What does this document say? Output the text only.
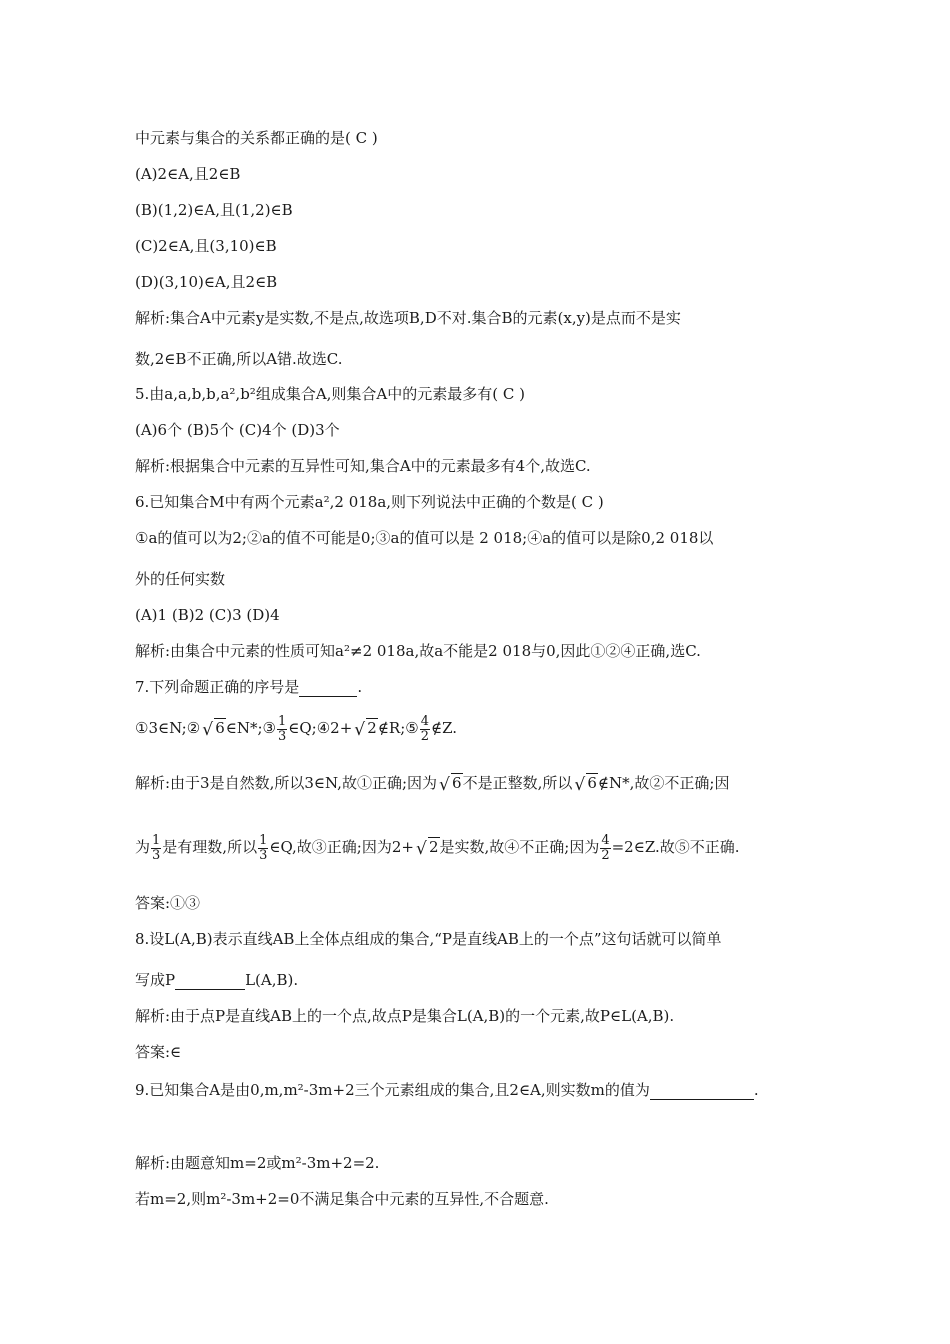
中元素与集合的关系都正确的是( C )
(A)2∈A,且2∈B
(B)(1,2)∈A,且(1,2)∈B
(C)2∈A,且(3,10)∈B
(D)(3,10)∈A,且2∈B
解析:集合A中元素y是实数,不是点,故选项B,D不对.集合B的元素(x,y)是点而不是实
数,2∈B不正确,所以A错.故选C.
5.由a,a,b,b,a²,b²组成集合A,则集合A中的元素最多有( C )
(A)6个 (B)5个 (C)4个 (D)3个
解析:根据集合中元素的互异性可知,集合A中的元素最多有4个,故选C.
6.已知集合M中有两个元素a²,2 018a,则下列说法中正确的个数是( C )
①a的值可以为2;②a的值不可能是0;③a的值可以是 2 018;④a的值可以是除0,2 018以
外的任何实数
(A)1 (B)2 (C)3 (D)4
解析:由集合中元素的性质可知a²≠2 018a,故a不能是2 018与0,因此①②④正确,选C.
7.下列命题正确的序号是	.
①3∈N;② √ 6∈N*;③ $\frac{1}{3}$ ∈Q;④2+ √ 2∉R;⑤ $\frac{4}{2}$ ∉Z.
解析:由于3是自然数,所以3∈N,故①正确;因为 √ 6不是正整数,所以 √ 6∉N*,故②不正确;因
为 $\frac{1}{3}$ 是有理数,所以 $\frac{1}{3}$ ∈Q,故③正确;因为2+ √ 2是实数,故④不正确;因为 $\frac{4}{2}$ =2∈Z.故⑤不正确.
答案:①③
8.设L(A,B)表示直线AB上全体点组成的集合,“P是直线AB上的一个点”这句话就可以简单
写成P	L(A,B).
解析:由于点P是直线AB上的一个点,故点P是集合L(A,B)的一个元素,故P∈L(A,B).
答案:∈
9.已知集合A是由0,m,m²-3m+2三个元素组成的集合,且2∈A,则实数m的值为	.
解析:由题意知m=2或m²-3m+2=2.
若m=2,则m²-3m+2=0不满足集合中元素的互异性,不合题意.
